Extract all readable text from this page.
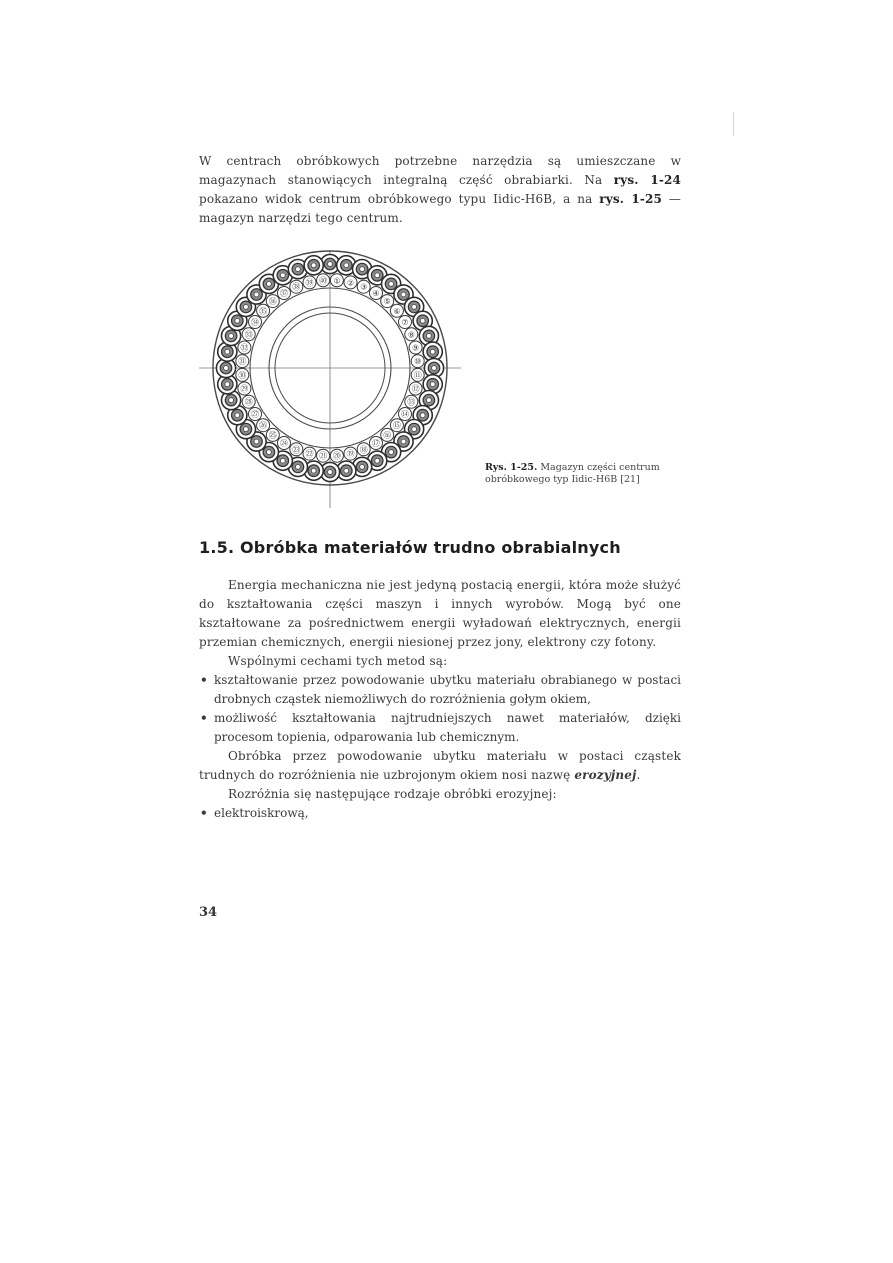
W centrach obróbkowych potrzebne narzędzia są umieszczane w magazynach stanowiących integralną część obrabiarki. Na rys. 1-24 pokazano widok centrum obróbkowego typu Iidic-H6B, a na rys. 1-25 — magazyn narzędzi tego centrum.

① ② ③
④
⑤
⑥
⑦
⑧
⑨
⑩
⑪
⑫
⑬
⑭
⑮
⑯
⑰
⑱
⑲
⑳
㉑
㉒
㉓
㉔
㉕
㉖
㉗
㉘
㉙
㉚
㉛
㉜
㉝
㉞
㉟
㊱
㊲
㊳ ㊴ ㊵
Rys. 1-25. Magazyn części centrum obróbkowego typ Iidic-H6B [21]
1.5. Obróbka materiałów trudno obrabialnych

Energia mechaniczna nie jest jedyną postacią energii, która może służyć do kształtowania części maszyn i innych wyrobów. Mogą być one kształtowane za pośrednictwem energii wyładowań elektrycznych, energii przemian chemicznych, energii niesionej przez jony, elektrony czy fotony.

Wspólnymi cechami tych metod są:

• kształtowanie przez powodowanie ubytku materiału obrabianego w postaci drobnych cząstek niemożliwych do rozróżnienia gołym okiem,
• możliwość kształtowania najtrudniejszych nawet materiałów, dzięki procesom topienia, odparowania lub chemicznym.

Obróbka przez powodowanie ubytku materiału w postaci cząstek trudnych do rozróżnienia nie uzbrojonym okiem nosi nazwę erozyjnej.

Rozróżnia się następujące rodzaje obróbki erozyjnej:

• elektroiskrową,
34
